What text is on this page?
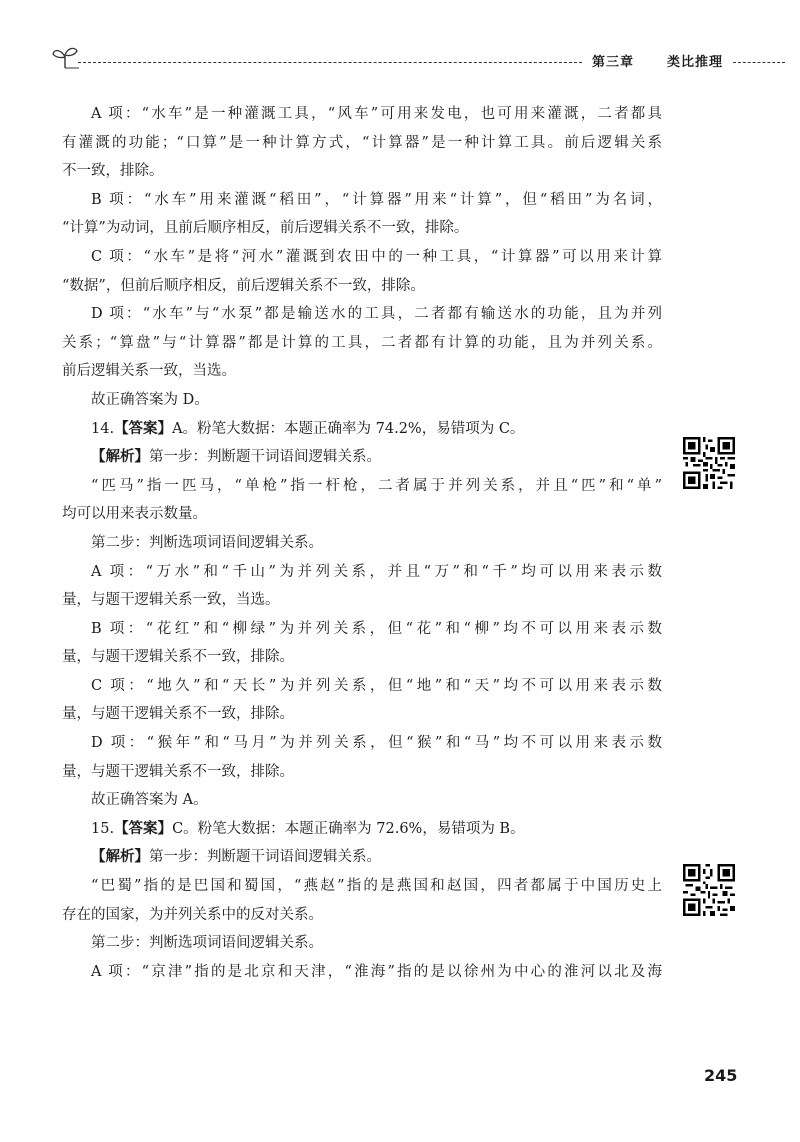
第三章	类比推理
A 项：“水车”是一种灌溉工具，“风车”可用来发电，也可用来灌溉，二者都具
有灌溉的功能；“口算”是一种计算方式，“计算器”是一种计算工具。前后逻辑关系
不一致，排除。
B 项：“水车”用来灌溉“稻田”，“计算器”用来“计算”，但“稻田”为名词，
“计算”为动词，且前后顺序相反，前后逻辑关系不一致，排除。
C 项：“水车”是将“河水”灌溉到农田中的一种工具，“计算器”可以用来计算
“数据”，但前后顺序相反，前后逻辑关系不一致，排除。
D 项：“水车”与“水泵”都是输送水的工具，二者都有输送水的功能，且为并列
关系；“算盘”与“计算器”都是计算的工具，二者都有计算的功能，且为并列关系。
前后逻辑关系一致，当选。
故正确答案为 D。
14.【答案】A。粉笔大数据：本题正确率为 74.2%，易错项为 C。
【解析】第一步：判断题干词语间逻辑关系。
“匹马”指一匹马，“单枪”指一杆枪，二者属于并列关系，并且“匹”和“单”
均可以用来表示数量。
第二步：判断选项词语间逻辑关系。
A 项：“万水”和“千山”为并列关系，并且“万”和“千”均可以用来表示数
量，与题干逻辑关系一致，当选。
B 项：“花红”和“柳绿”为并列关系，但“花”和“柳”均不可以用来表示数
量，与题干逻辑关系不一致，排除。
C 项：“地久”和“天长”为并列关系，但“地”和“天”均不可以用来表示数
量，与题干逻辑关系不一致，排除。
D 项：“猴年”和“马月”为并列关系，但“猴”和“马”均不可以用来表示数
量，与题干逻辑关系不一致，排除。
故正确答案为 A。
15.【答案】C。粉笔大数据：本题正确率为 72.6%，易错项为 B。
【解析】第一步：判断题干词语间逻辑关系。
“巴蜀”指的是巴国和蜀国，“燕赵”指的是燕国和赵国，四者都属于中国历史上
存在的国家，为并列关系中的反对关系。
第二步：判断选项词语间逻辑关系。
A 项：“京津”指的是北京和天津，“淮海”指的是以徐州为中心的淮河以北及海
245
